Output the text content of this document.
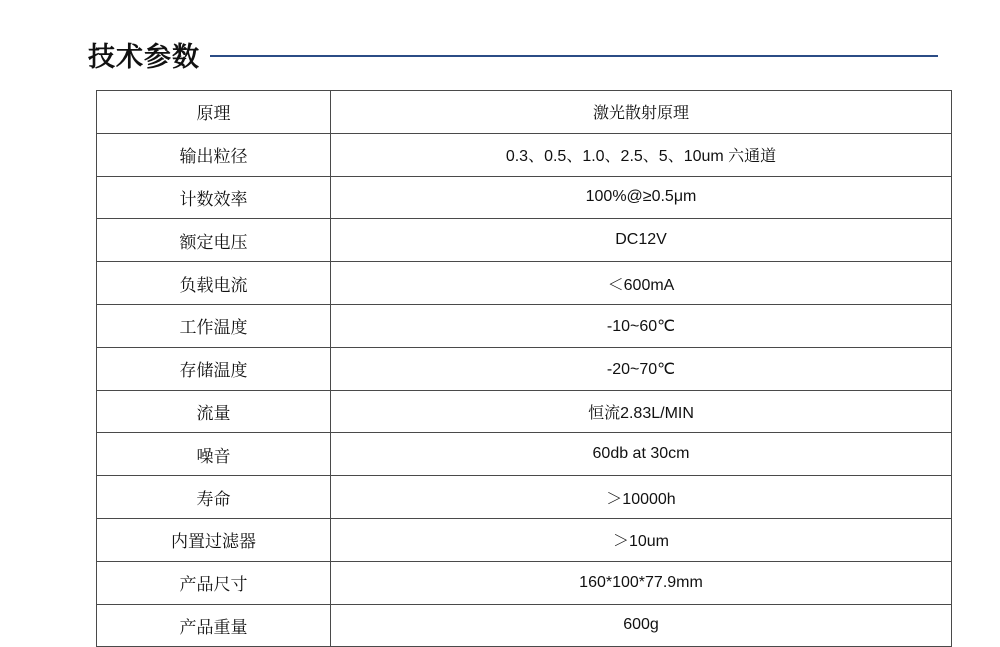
技术参数
原理	激光散射原理
输出粒径	0.3、0.5、1.0、2.5、5、10um 六通道
计数效率	100%@≥0.5μm
额定电压	DC12V
负载电流	＜600mA
工作温度	-10~60℃
存储温度	-20~70℃
流量	恒流2.83L/MIN
噪音	60db at 30cm
寿命	＞10000h
内置过滤器	＞10um
产品尺寸	160*100*77.9mm
产品重量	600g
